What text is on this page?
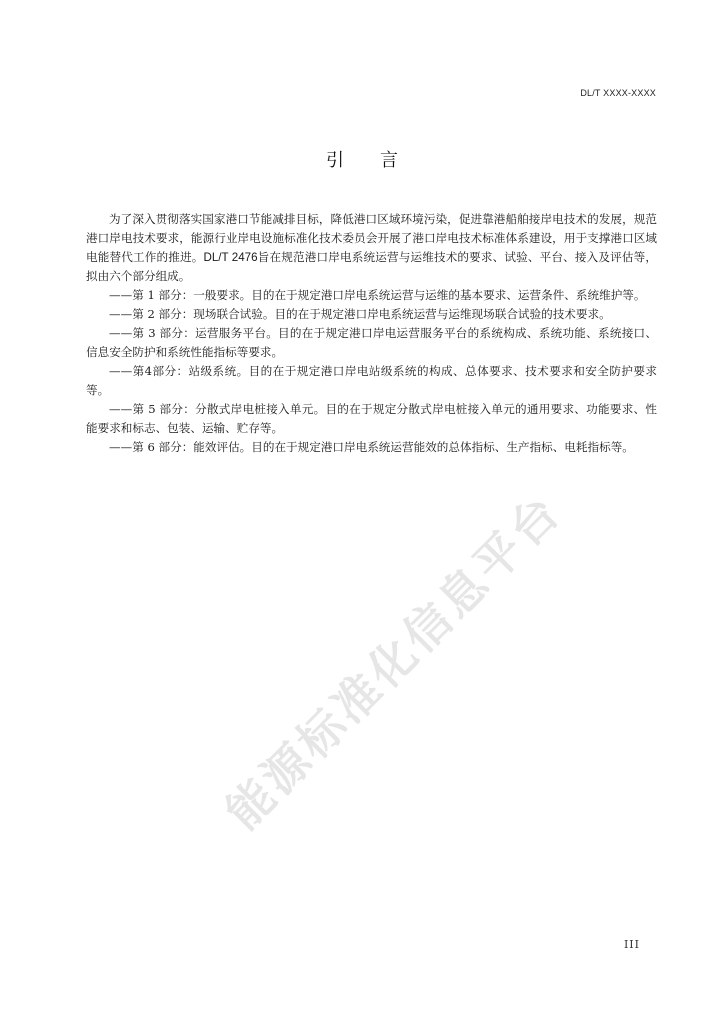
DL/T XXXX-XXXX
引言

为了深入贯彻落实国家港口节能减排目标，降低港口区域环境污染，促进靠港船舶接岸电技术的发展，规范港口岸电技术要求，能源行业岸电设施标准化技术委员会开展了港口岸电技术标准体系建设，用于支撑港口区域电能替代工作的推进。DL/T 2476旨在规范港口岸电系统运营与运维技术的要求、试验、平台、接入及评估等，拟由六个部分组成。

——第 1 部分：一般要求。目的在于规定港口岸电系统运营与运维的基本要求、运营条件、系统维护等。

——第 2 部分：现场联合试验。目的在于规定港口岸电系统运营与运维现场联合试验的技术要求。

——第 3 部分：运营服务平台。目的在于规定港口岸电运营服务平台的系统构成、系统功能、系统接口、信息安全防护和系统性能指标等要求。

——第4部分：站级系统。目的在于规定港口岸电站级系统的构成、总体要求、技术要求和安全防护要求等。

——第 5 部分：分散式岸电桩接入单元。目的在于规定分散式岸电桩接入单元的通用要求、功能要求、性能要求和标志、包装、运输、贮存等。

——第 6 部分：能效评估。目的在于规定港口岸电系统运营能效的总体指标、生产指标、电耗指标等。

能源标准化信息平台
III
